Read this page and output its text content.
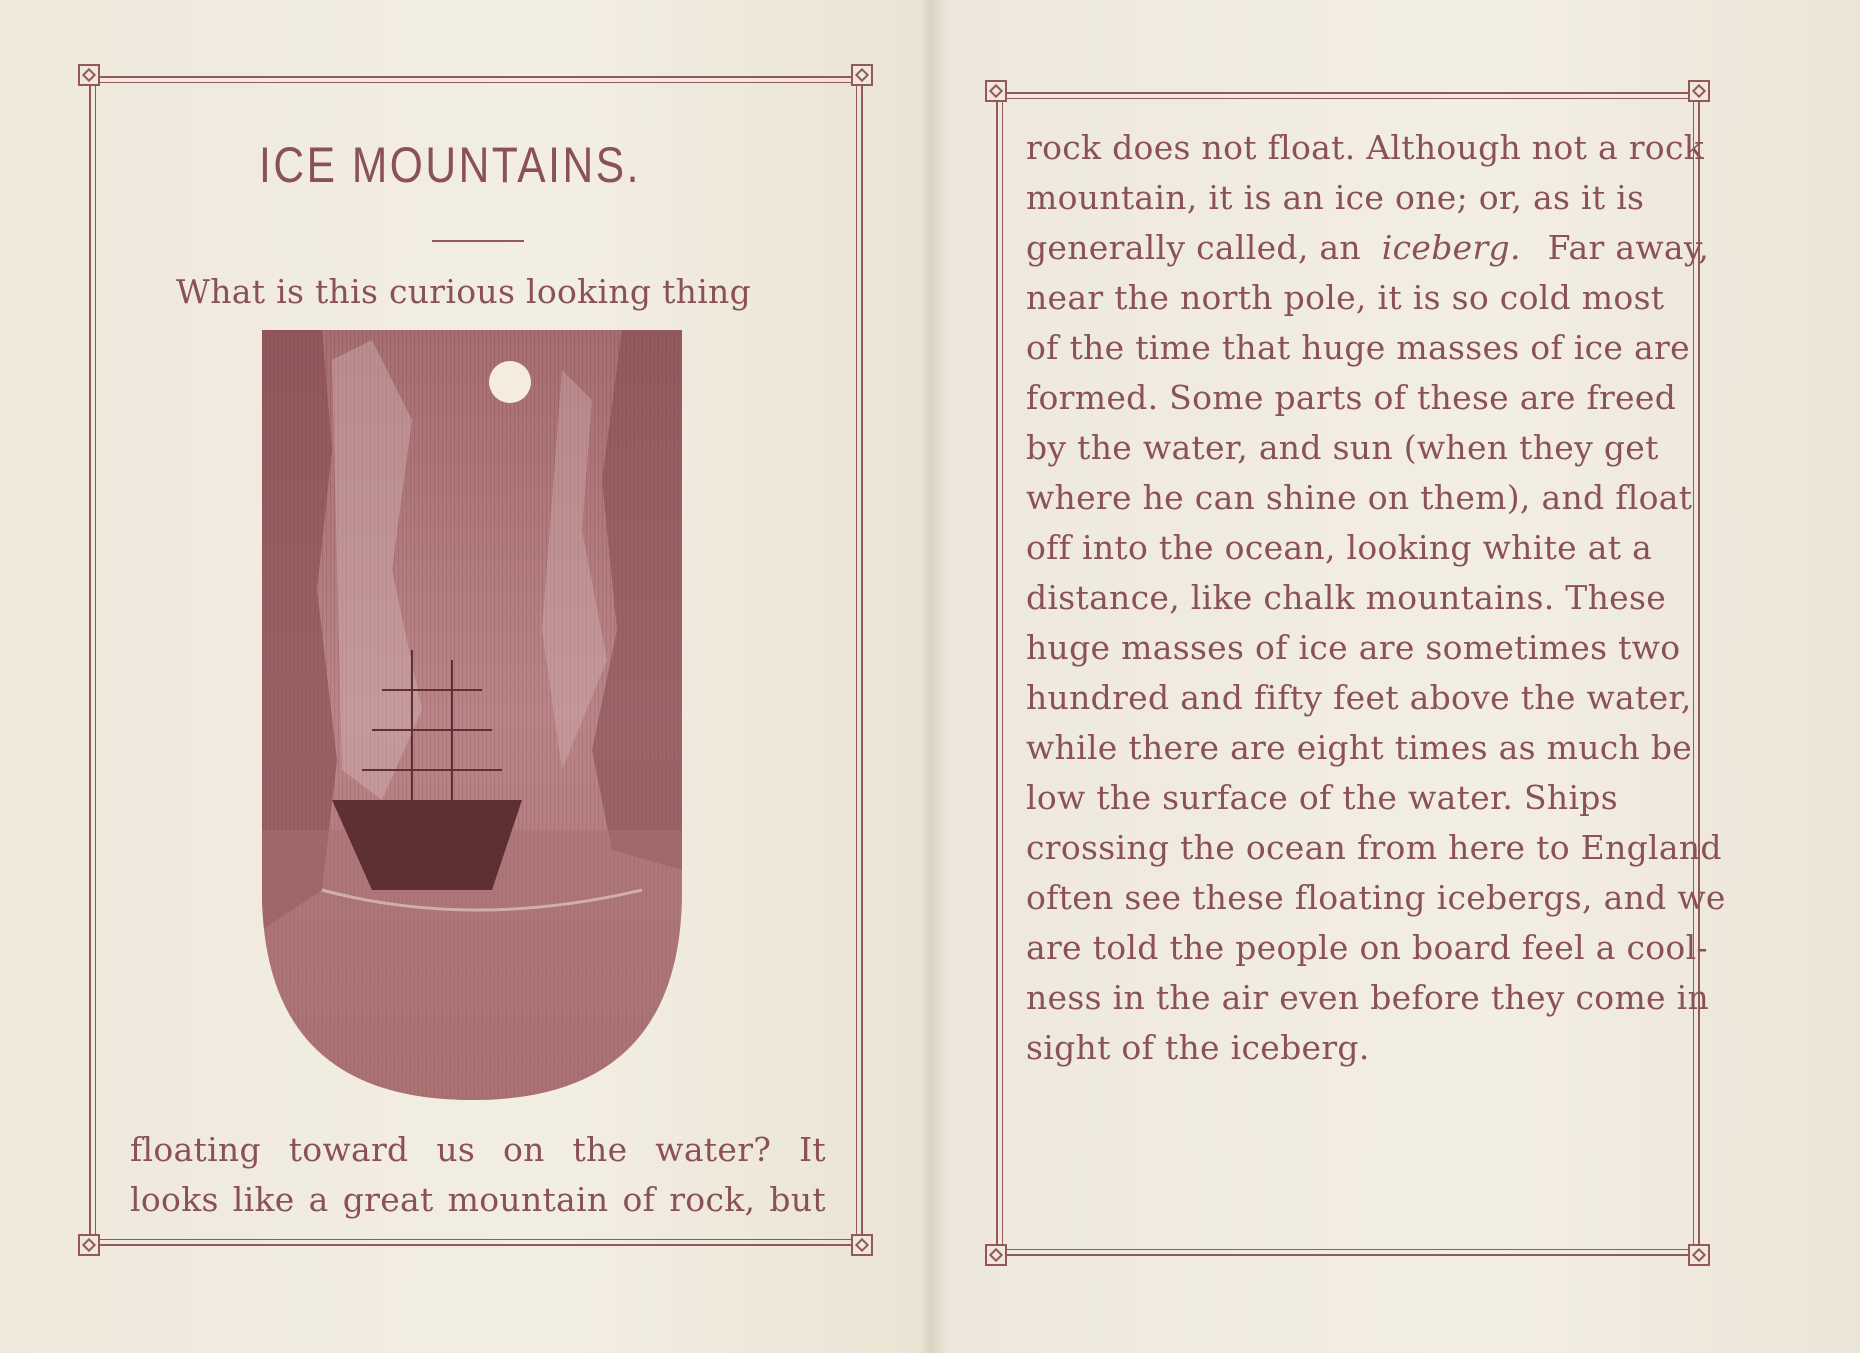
ICE MOUNTAINS.
What is this curious looking thing
floating toward us on the water? It
looks like a great mountain of rock, but
rock does not float. Although not a rock
mountain, it is an ice one; or, as it is
generally called, an iceberg. Far away,
near the north pole, it is so cold most
of the time that huge masses of ice are
formed. Some parts of these are freed
by the water, and sun (when they get
where he can shine on them), and float
off into the ocean, looking white at a
distance, like chalk mountains. These
huge masses of ice are sometimes two
hundred and fifty feet above the water,
while there are eight times as much be
low the surface of the water. Ships
crossing the ocean from here to England
often see these floating icebergs, and we
are told the people on board feel a cool-
ness in the air even before they come in
sight of the iceberg.
